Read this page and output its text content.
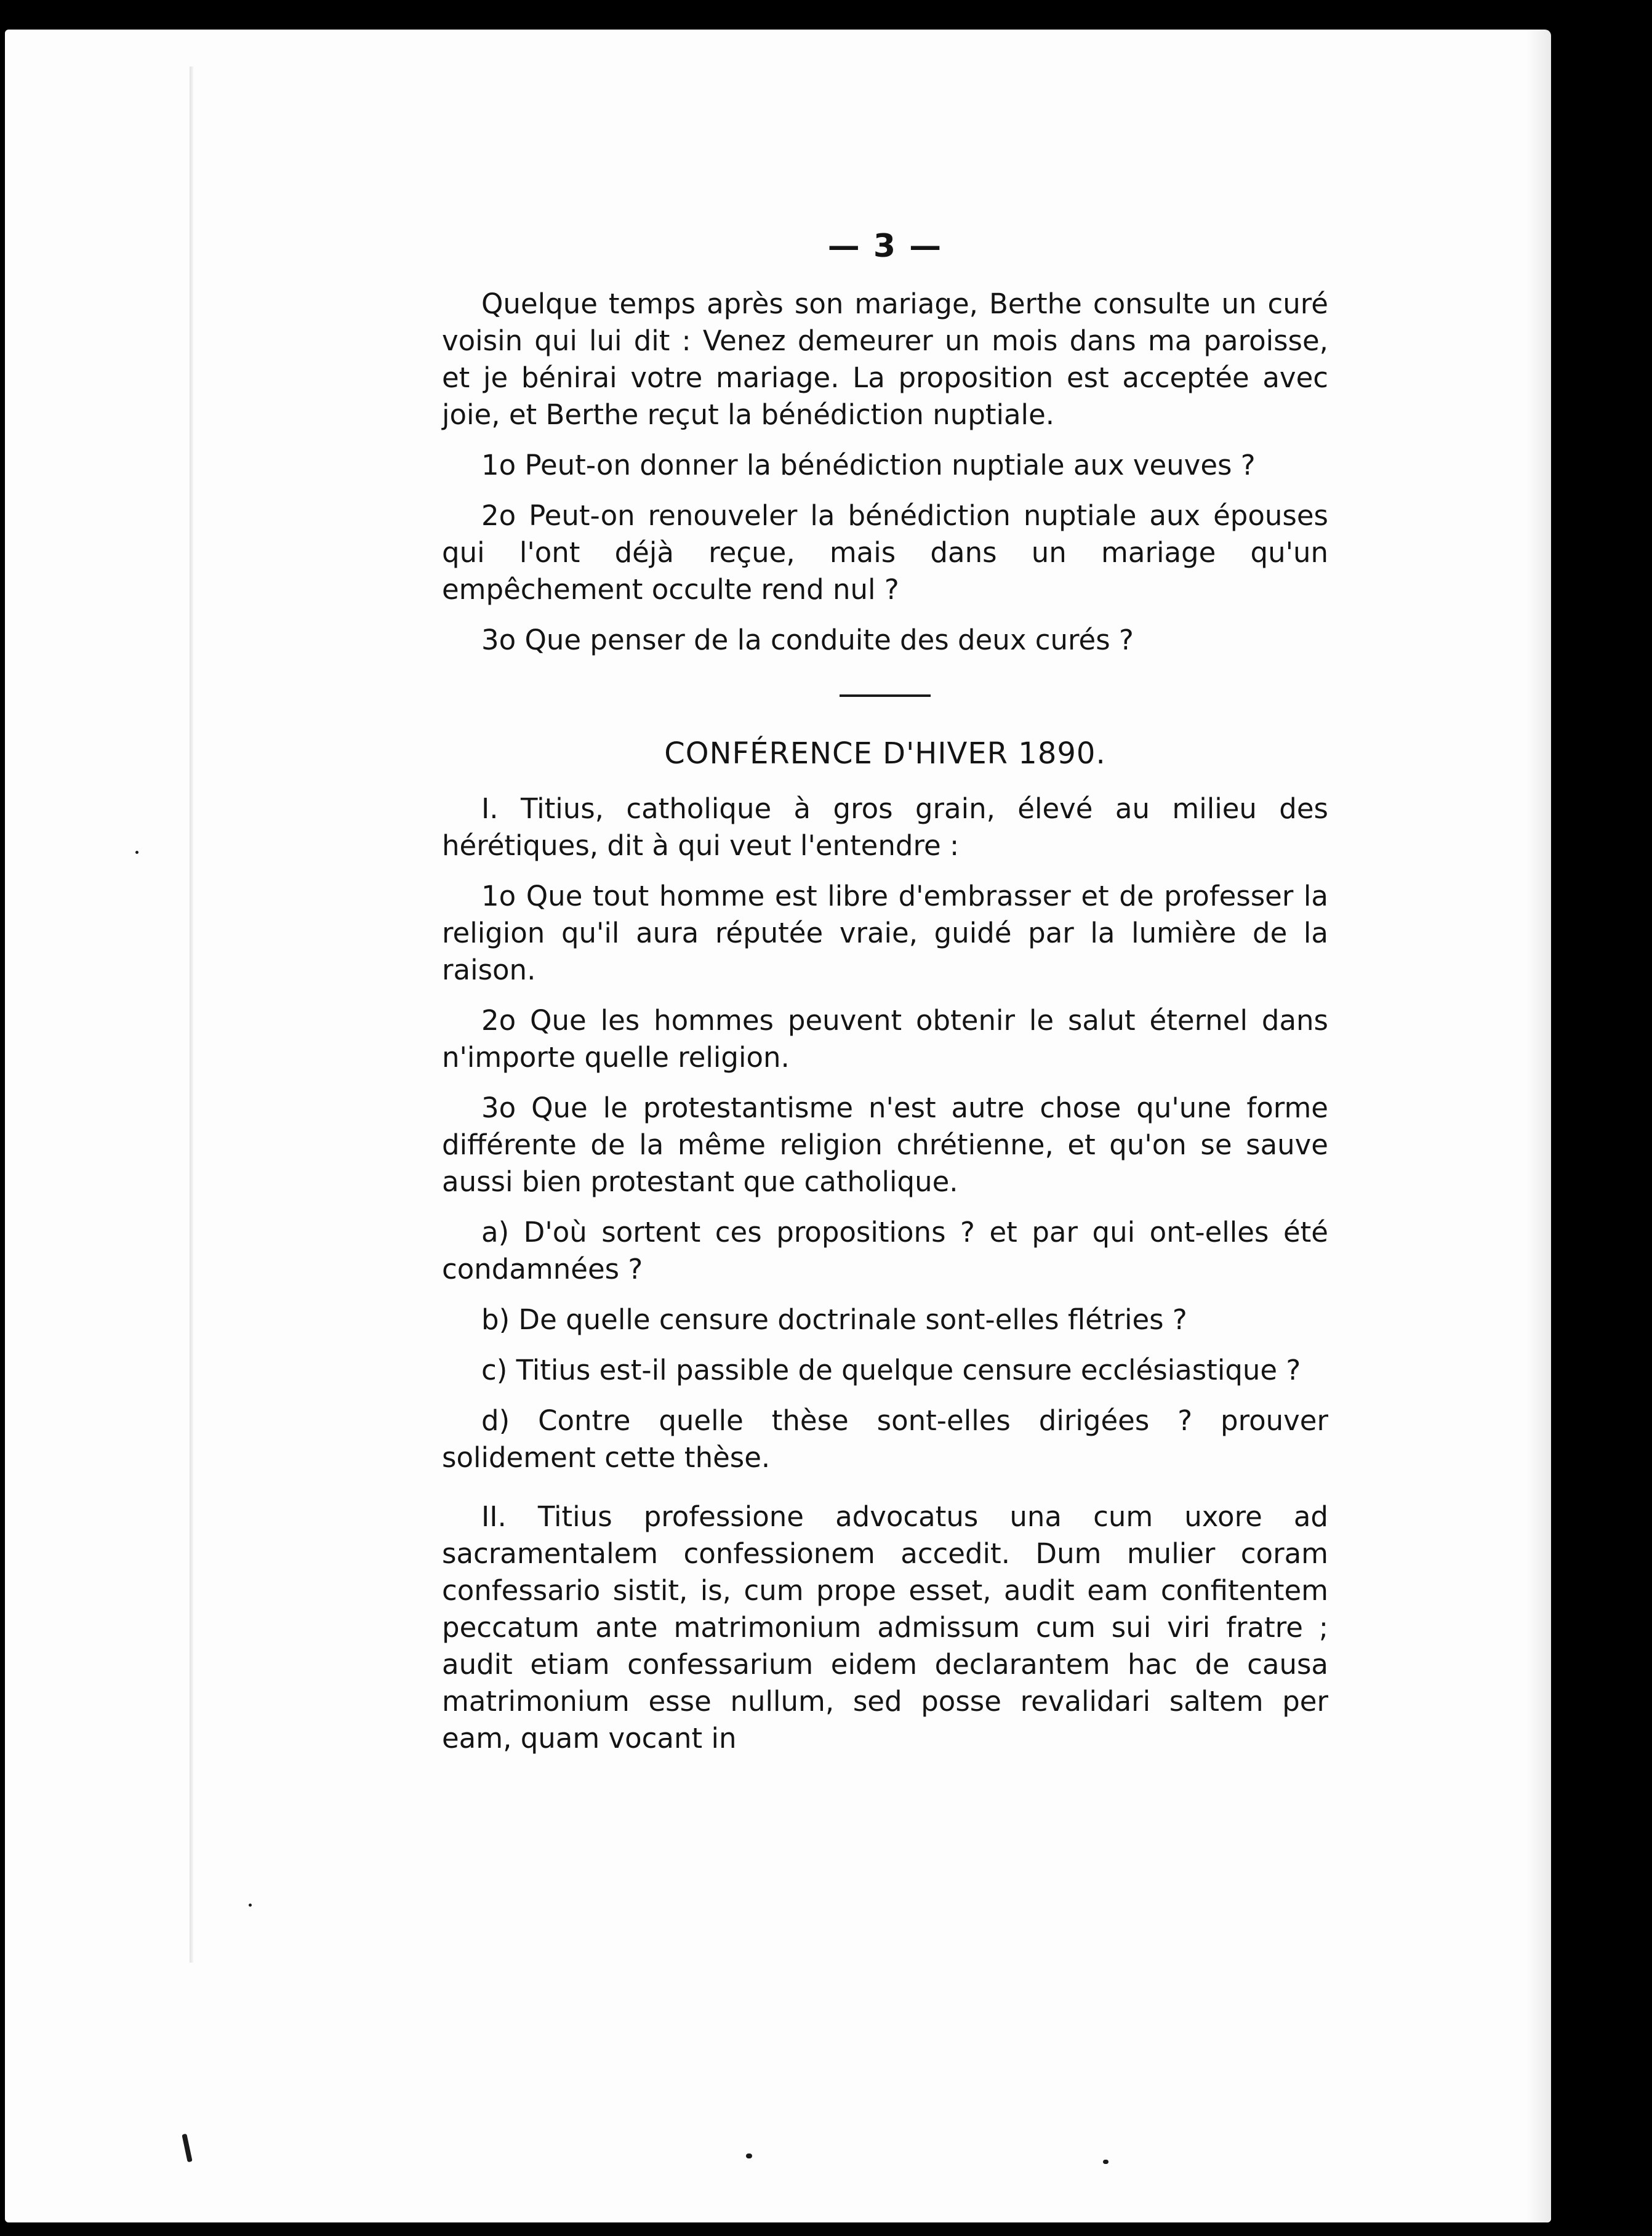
— 3 —

Quelque temps après son mariage, Berthe consulte un curé voisin qui lui dit : Venez demeurer un mois dans ma paroisse, et je bénirai votre mariage. La proposition est acceptée avec joie, et Berthe reçut la bénédiction nuptiale.

1o Peut-on donner la bénédiction nuptiale aux veuves ?

2o Peut-on renouveler la bénédiction nuptiale aux épouses qui l'ont déjà reçue, mais dans un mariage qu'un empêchement occulte rend nul ?

3o Que penser de la conduite des deux curés ?

CONFÉRENCE D'HIVER 1890.

I. Titius, catholique à gros grain, élevé au milieu des hérétiques, dit à qui veut l'entendre :

1o Que tout homme est libre d'embrasser et de professer la religion qu'il aura réputée vraie, guidé par la lumière de la raison.

2o Que les hommes peuvent obtenir le salut éternel dans n'importe quelle religion.

3o Que le protestantisme n'est autre chose qu'une forme différente de la même religion chrétienne, et qu'on se sauve aussi bien protestant que catholique.

a) D'où sortent ces propositions ? et par qui ont-elles été condamnées ?

b) De quelle censure doctrinale sont-elles flétries ?

c) Titius est-il passible de quelque censure ecclésiastique ?

d) Contre quelle thèse sont-elles dirigées ? prouver solidement cette thèse.

II. Titius professione advocatus una cum uxore ad sacramentalem confessionem accedit. Dum mulier coram confessario sistit, is, cum prope esset, audit eam confitentem peccatum ante matrimonium admissum cum sui viri fratre ; audit etiam confessarium eidem declarantem hac de causa matrimonium esse nullum, sed posse revalidari saltem per eam, quam vocant in
